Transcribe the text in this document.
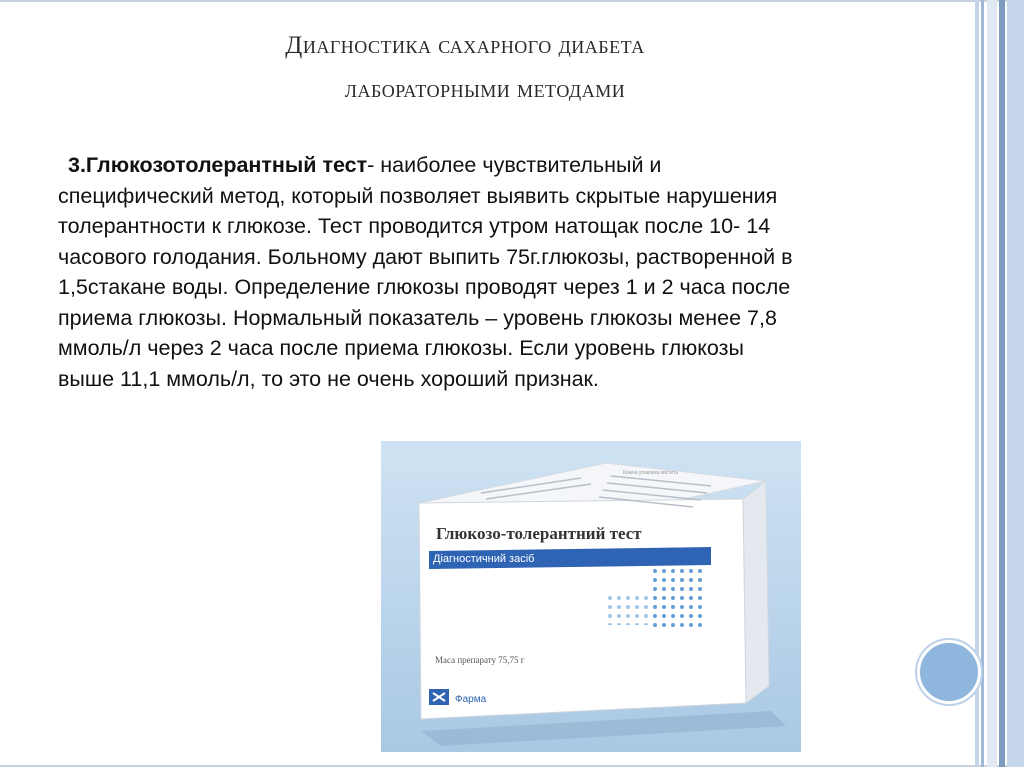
Диагностика сахарного диабета
лабораторными методами
3.Глюкозотолерантный тест- наиболее чувствительный и
специфический метод, который позволяет выявить скрытые нарушения
толерантности к глюкозе. Тест проводится утром натощак после 10- 14
часового голодания. Больному дают выпить 75г.глюкозы, растворенной в
1,5стакане воды. Определение глюкозы проводят через 1 и 2 часа после
приема глюкозы. Нормальный показатель – уровень глюкозы менее 7,8
ммоль/л через 2 часа после приема глюкозы. Если уровень глюкозы
выше 11,1 ммоль/л, то это не очень хороший признак.
Фарма
Глюкозо-толерантний тест
Діагностичний засіб
Маса препарату 75,75 г
Кожна упаковка містить
